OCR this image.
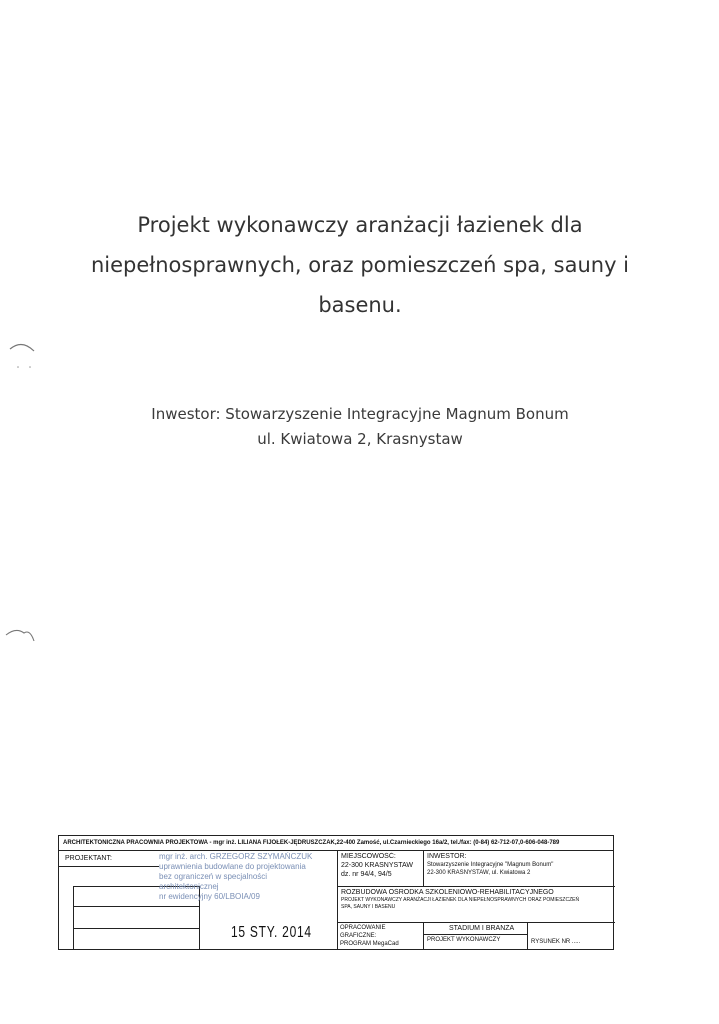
Projekt wykonawczy aranżacji łazienek dla
niepełnosprawnych, oraz pomieszczeń spa, sauny i
basenu.
Inwestor: Stowarzyszenie Integracyjne Magnum Bonum
ul. Kwiatowa 2, Krasnystaw
ARCHITEKTONICZNA PRACOWNIA PROJEKTOWA - mgr inż. LILIANA FIJOŁEK-JĘDRUSZCZAK,22-400 Zamość, ul.Czarnieckiego 16a/2, tel./fax: (0-84) 62-712-07,0-606-048-789
PROJEKTANT:	mgr inż. arch. GRZEGORZ SZYMAŃCZUK
uprawnienia budowlane do projektowania
bez ograniczeń w specjalności
architektonicznej
nr ewidencyjny 60/LBOIA/09
15 STY. 2014
MIEJSCOWOŚĆ:
22-300 KRASNYSTAW
dz. nr 94/4, 94/5
INWESTOR:
Stowarzyszenie Integracyjne "Magnum Bonum"
22-300 KRASNYSTAW, ul. Kwiatowa 2
ROZBUDOWA OŚRODKA SZKOLENIOWO-REHABILITACYJNEGO
PROJEKT WYKONAWCZY ARANŻACJI ŁAZIENEK DLA NIEPEŁNOSPRAWNYCH ORAZ POMIESZCZEŃ
SPA, SAUNY I BASENU
OPRACOWANIE GRAFICZNE:
PROGRAM MegaCad
STADIUM I BRANŻA
PROJEKT WYKONAWCZY	RYSUNEK NR .....
